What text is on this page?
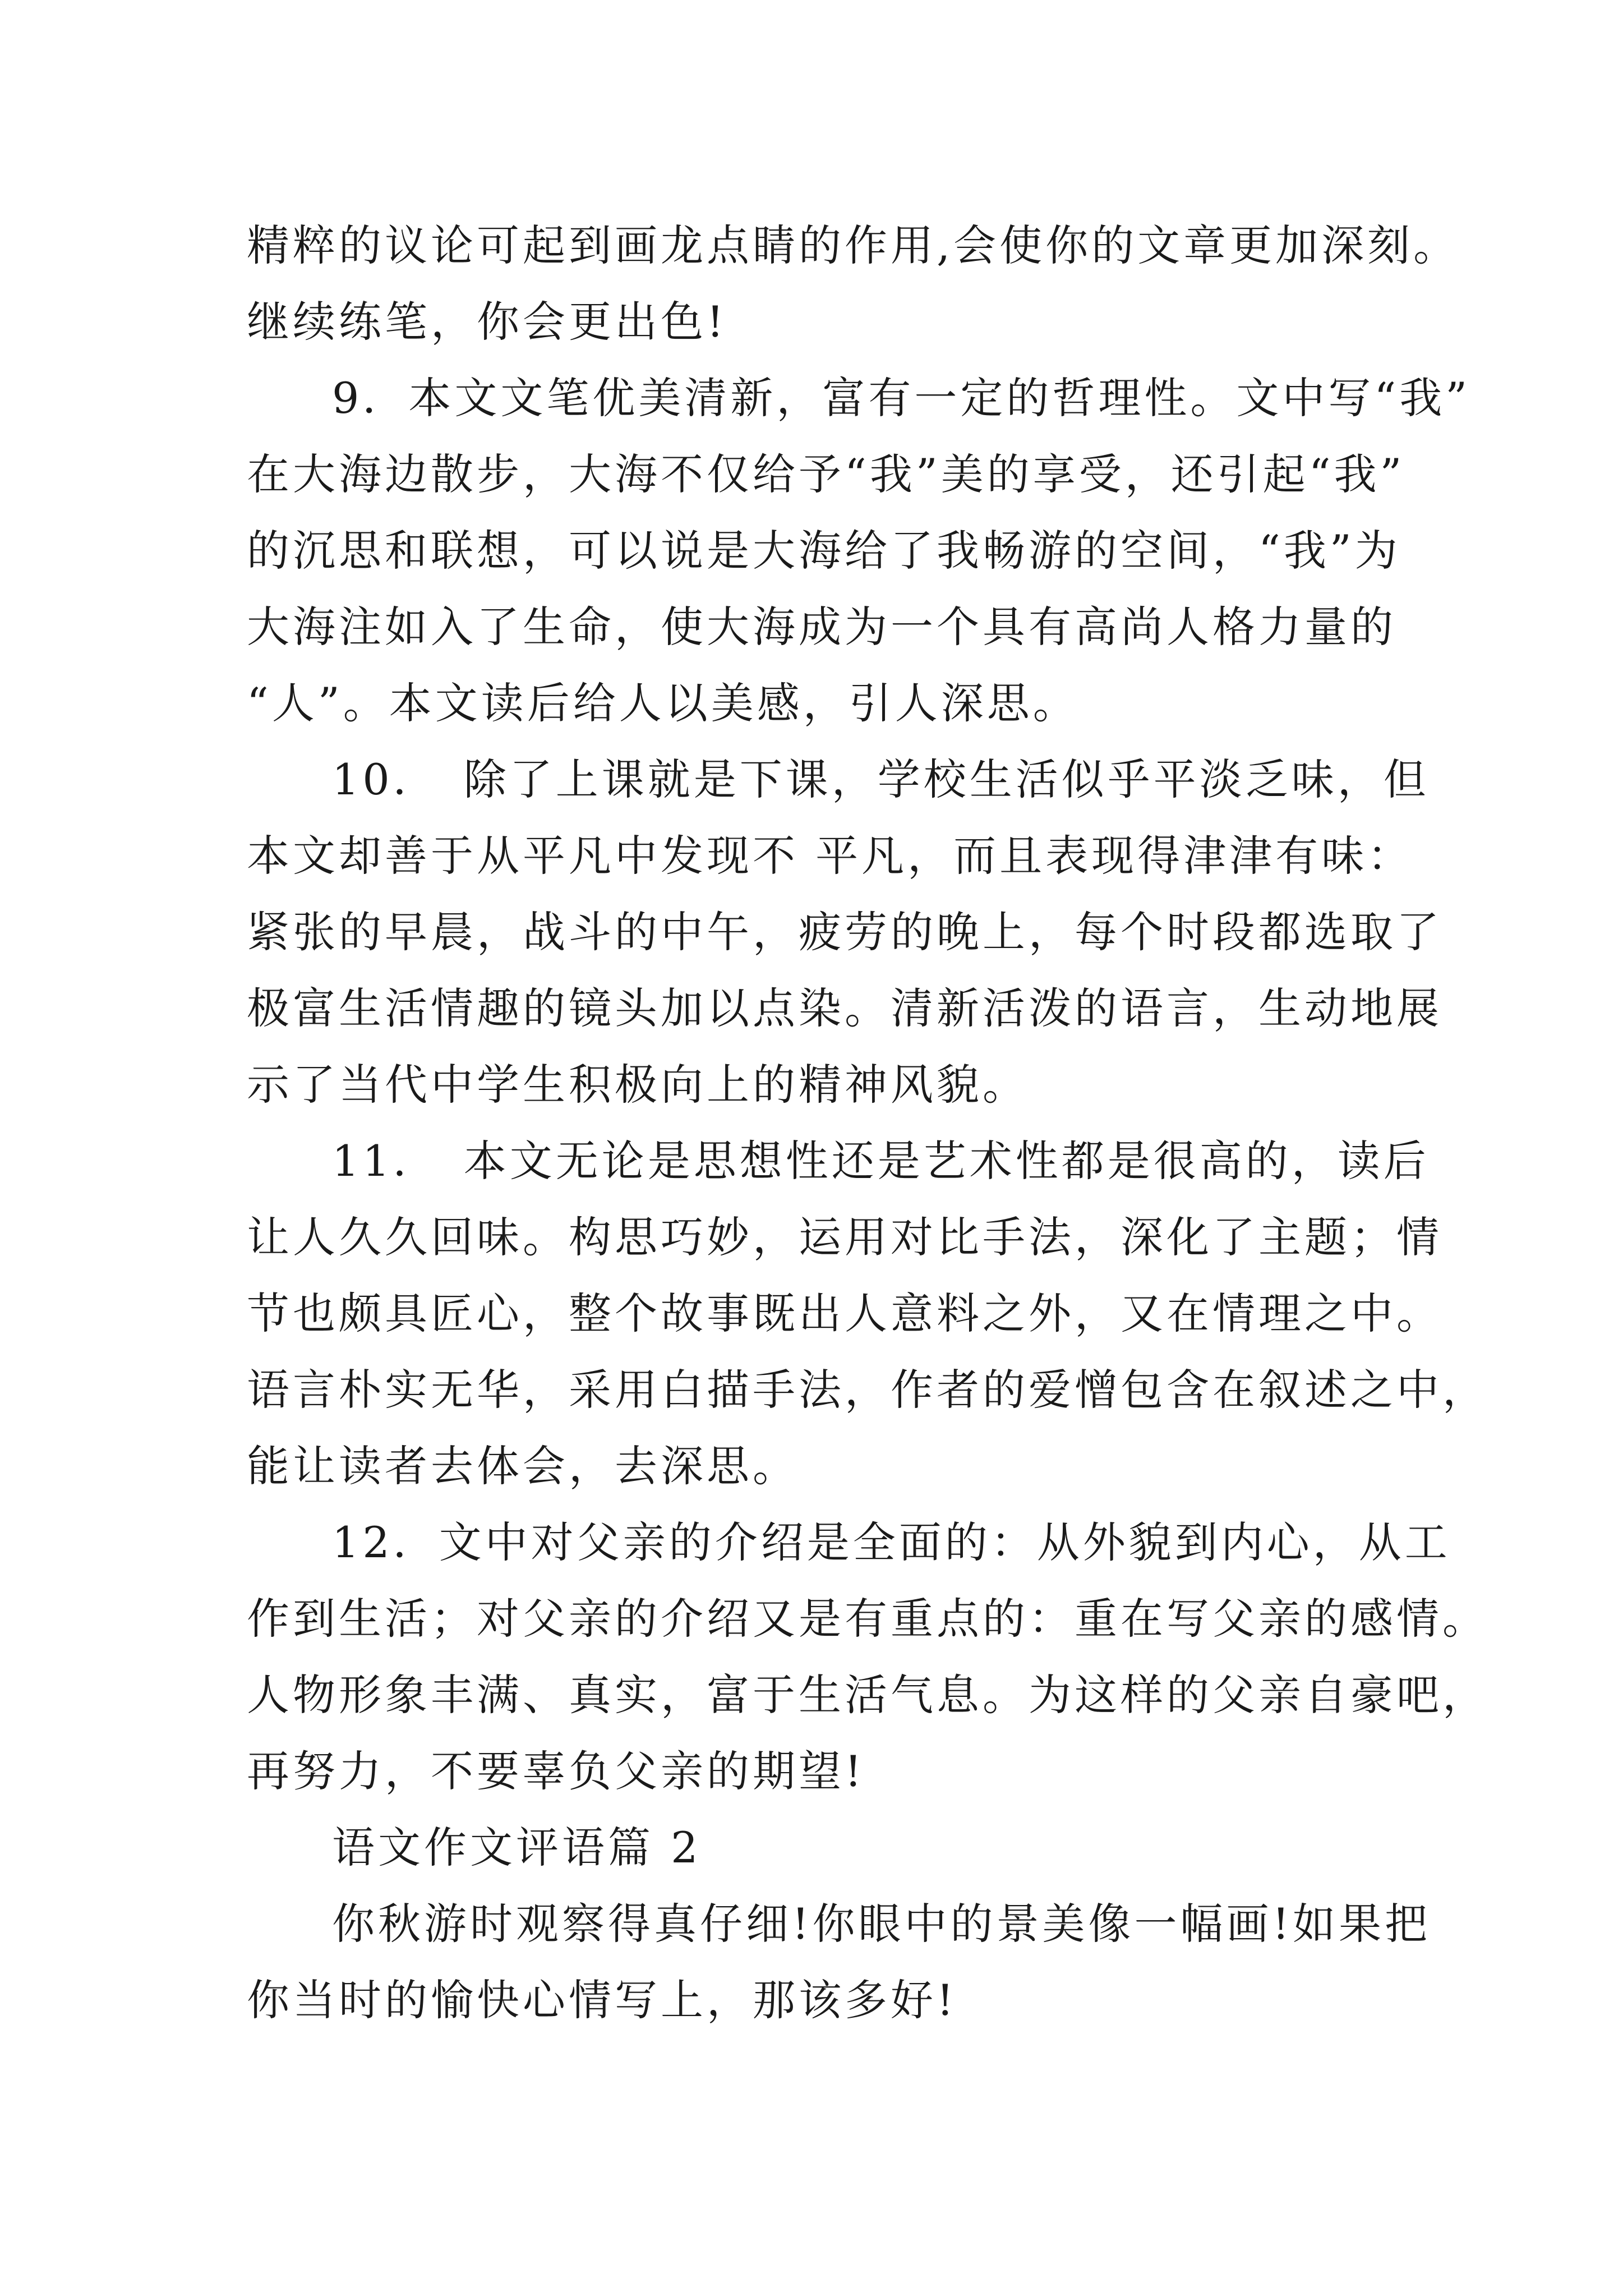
精粹的议论可起到画龙点睛的作用,会使你的文章更加深刻。
继续练笔，你会更出色!
9．本文文笔优美清新，富有一定的哲理性。文中写“我”
在大海边散步，大海不仅给予“我”美的享受，还引起“我”
的沉思和联想，可以说是大海给了我畅游的空间，“我”为
大海注如入了生命，使大海成为一个具有高尚人格力量的
“人”。本文读后给人以美感，引人深思。
10．　除了上课就是下课，学校生活似乎平淡乏味，但
本文却善于从平凡中发现不 平凡，而且表现得津津有味：
紧张的早晨，战斗的中午，疲劳的晚上，每个时段都选取了
极富生活情趣的镜头加以点染。清新活泼的语言，生动地展
示了当代中学生积极向上的精神风貌。
11．　本文无论是思想性还是艺术性都是很高的，读后
让人久久回味。构思巧妙，运用对比手法，深化了主题；情
节也颇具匠心，整个故事既出人意料之外，又在情理之中。
语言朴实无华，采用白描手法，作者的爱憎包含在叙述之中，
能让读者去体会，去深思。
12．文中对父亲的介绍是全面的：从外貌到内心，从工
作到生活；对父亲的介绍又是有重点的：重在写父亲的感情。
人物形象丰满、真实，富于生活气息。为这样的父亲自豪吧，
再努力，不要辜负父亲的期望!
语文作文评语篇 2
你秋游时观察得真仔细!你眼中的景美像一幅画!如果把
你当时的愉快心情写上，那该多好!
